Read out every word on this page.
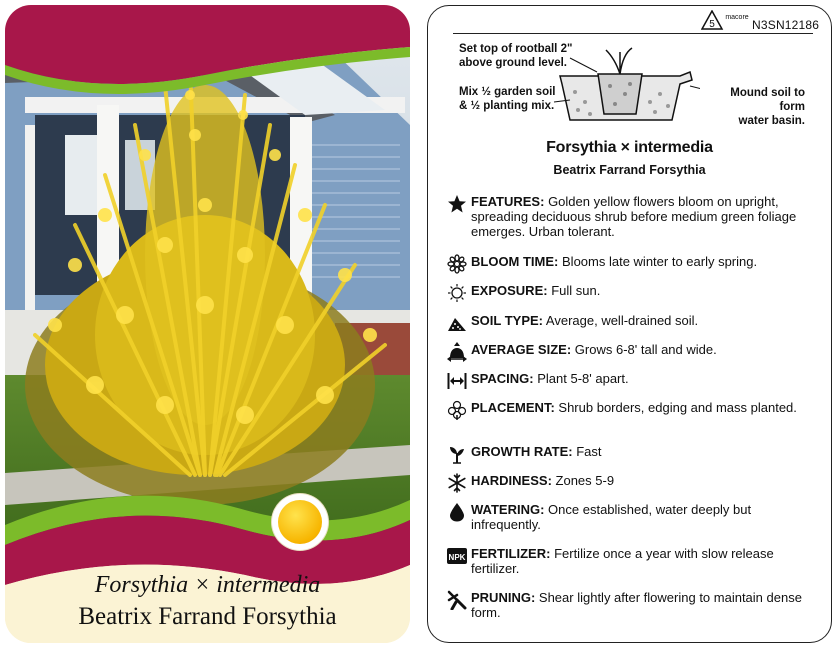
Forsythia × intermedia
Beatrix Farrand Forsythia
5
macore
N3SN12186
Set top of rootball 2"
above ground level.
Mix ½ garden soil
& ½ planting mix.
Mound soil to form
water basin.
Forsythia × intermedia
Beatrix Farrand Forsythia
FEATURES: Golden yellow flowers bloom on upright, spreading deciduous shrub before medium green foliage emerges. Urban tolerant.
BLOOM TIME: Blooms late winter to early spring.
EXPOSURE: Full sun.
SOIL TYPE: Average, well-drained soil.
AVERAGE SIZE: Grows 6-8' tall and wide.
SPACING: Plant 5-8' apart.
PLACEMENT: Shrub borders, edging and mass planted.
GROWTH RATE: Fast
HARDINESS: Zones 5-9
WATERING: Once established, water deeply but infrequently.
NPK FERTILIZER: Fertilize once a year with slow release fertilizer.
PRUNING: Shear lightly after flowering to maintain dense form.
